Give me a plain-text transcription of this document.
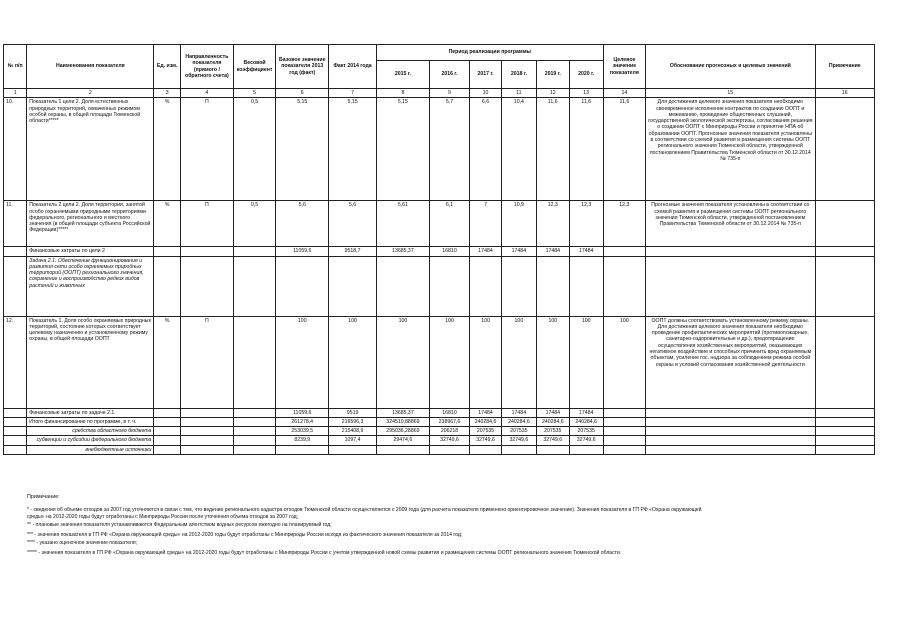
№ п/п	Наименования показателя	Ед. изм.	Направленность показателя (прямого / обратного счета)	Весовой коэффициент	Базовое значение показателя 2013 год (факт)	Факт 2014 года	Период реализации программы						Целевое значение показателя	Обоснование прогнозных и целевых значений	Примечание
							2015 г.	2016 г.	2017 г.	2018 г.	2019 г.	2020 г.			
1	2	3	4	5	6	7	8	9	10	11	12	13	14	15	16
10.	Показатель 1 цели 2. Доля естественных природных территорий, охваченных режимом особой охраны, в общей площади Тюменской области*****	%	П	0,5	5,15	5,15	5,15	5,7	6,6	10,4	11,6	11,6	11,6	Для достижения целевого значения показателя необходимо своевременное исполнение контрактов по созданию ООПТ и межеванию, проведение общественных слушаний, государственной экологической экспертизы, согласования решения о создании ООПТ с Минприроды России и принятие НПА об образовании ООПТ. Прогнозные значения показателя установлены в соответствии со схемой развития и размещения системы ООПТ регионального значения Тюменской области, утвержденной постановлением Правительства Тюменской области от 30.12.2014 № 735-п	
11.	Показатель 2 цели 2. Доля территории, занятой особо охраняемыми природными территориями федерального, регионального и местного значения (в общей площади субъекта Российской Федерации)*****	%	П	0,5	5,6	5,6	5,61	6,1	7	10,9	12,3	12,3	12,3	Прогнозные значения показателя установлены в соответствии со схемой развития и размещения системы ООПТ регионального значения Тюменской области, утвержденной постановлением Правительства Тюменской области от 30.12.2014 № 735-п	
	Финансовые затраты по цели 2				11059,6	9518,7	13685,37	16810	17484	17484	17484	17484			
	Задача 2.1. Обеспечение функционирования и развития сети особо охраняемых природных территорий (ООПТ) регионального значения, сохранение и воспроизводство редких видов растений и животных														
12.	Показатель 1. Доля особо охраняемых природных территорий, состояние которых соответствует целевому назначению и установленному режиму охраны, в общей площади ООПТ	%	П		100	100	100	100	100	100	100	100	100	ООПТ должны соответствовать установленному режиму охраны. Для достижения целевого значения показателя необходимо проведение профилактических мероприятий (противопожарные, санитарно-оздоровительные и др.), предотвращение осуществления хозяйственных мероприятий, оказывающих негативное воздействие и способных причинить вред охраняемым объектам, усиление гос. надзора за соблюдением режима особой охраны и условий согласования хозяйственной деятельности	
	Финансовые затраты по задаче 2.1.				11059,6	9519	13685,37	16810	17484	17484	17484	17484			
	Итого финансирование по программе, в т. ч.				261278,4	216596,3	324510,88869	238967,6	240284,6	240284,6	240284,6	240284,6			
	средства областного бюджета				253039,5	215408,9	295036,28869	206218	207535	207535	207535	207535			
	субвенции и субсидии федерального бюджета				8239,9	1097,4	29474,6	32749,6	32749,6	32749,6	32749,6	32749,6			
	внебюджетные источники														
Примечание:
* - сведения об объеме отходов за 2007 год уточняются в связи с тем, что ведение регионального кадастра отходов Тюменской области осуществляется с 2009 года (для расчета показателя применено ориентировочное значение). Значения показателя в ГП РФ «Охрана окружающей
среды» на 2012-2020 годы будут отработаны с Минприроды России после уточнения объема отходов за 2007 год;
** - плановые значения показателя устанавливаются Федеральным агентством водных ресурсов ежегодно на планируемый год;
*** - значения показателя в ГП РФ «Охрана окружающей среды» на 2012-2020 годы будут отработаны с Минприроды России исходя из фактического значения показателя за 2014 год;
**** - указано оценочное значение показателя;
***** - значения показателя в ГП РФ «Охрана окружающей среды» на 2012-2020 годы будут отработаны с Минприроды России с учетом утвержденной новой схемы развития и размещения системы ООПТ регионального значения Тюменской области.
